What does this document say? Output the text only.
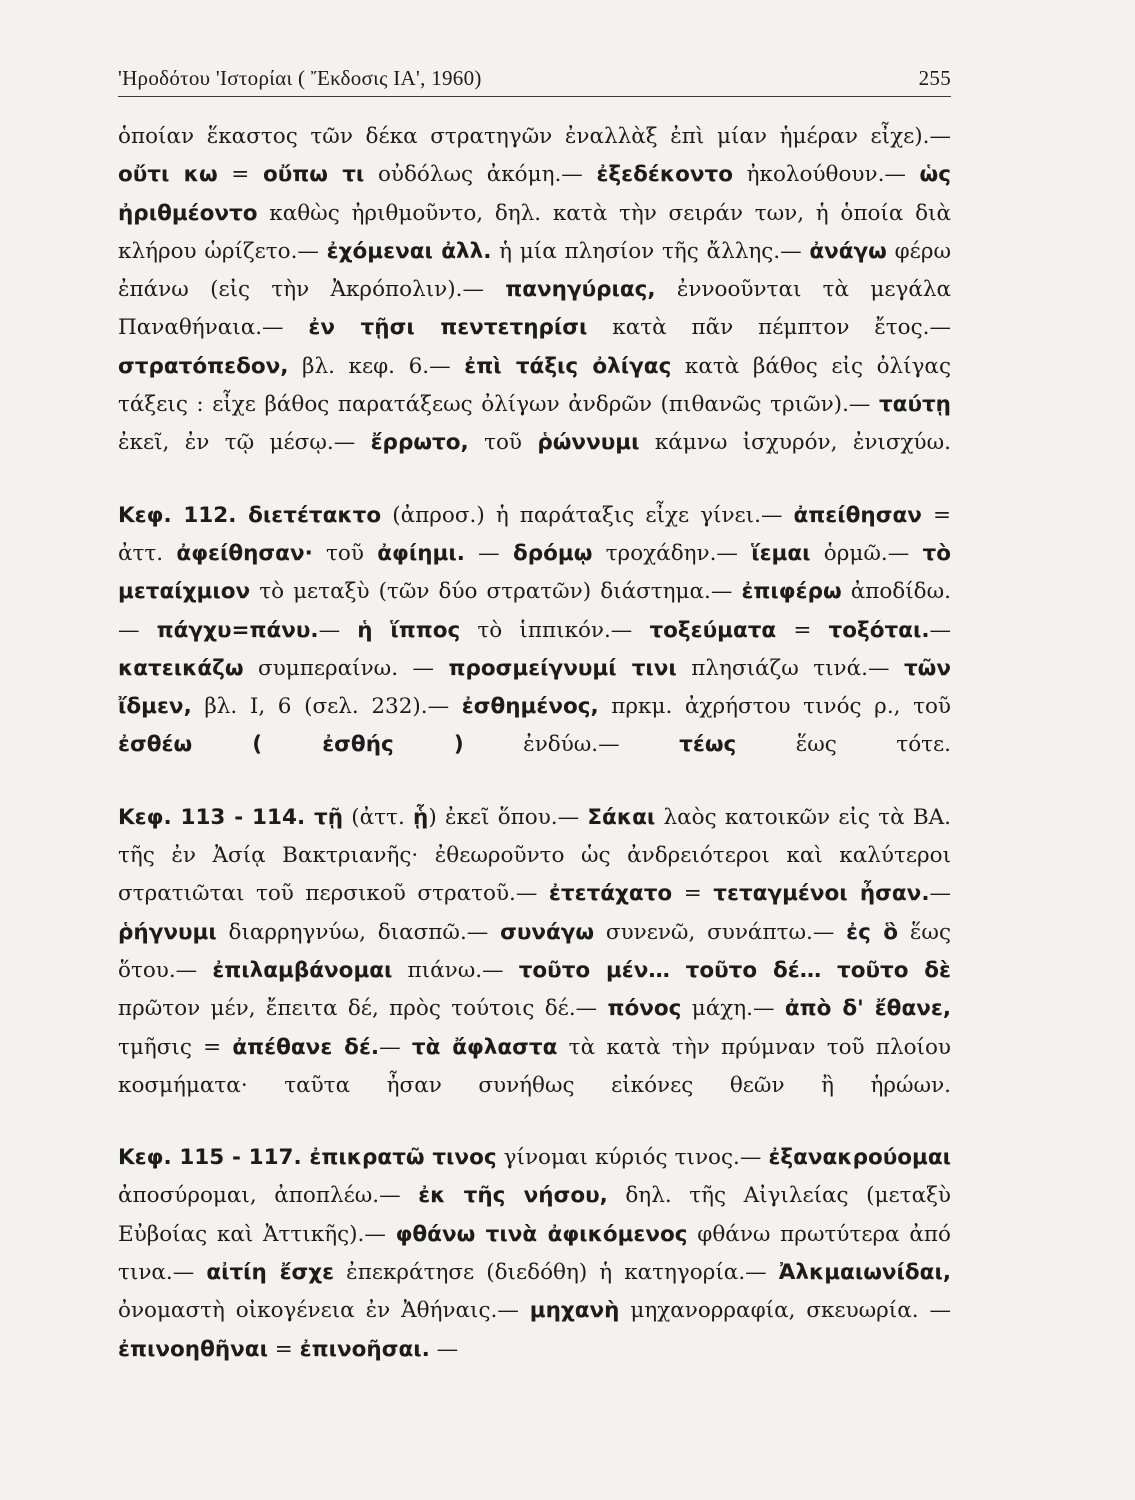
'Ηροδότου 'Ιστορίαι ( Ἔκδοσις ΙΑ', 1960)	255

ὁποίαν ἕκαστος τῶν δέκα στρατηγῶν ἐναλλὰξ ἐπὶ μίαν ἡμέραν εἶχε).— οὔτι κω = οὔπω τι οὐδόλως ἀκόμη.— ἐξεδέκοντο ἠκολούθουν.— ὡς ἠριθμέοντο καθὼς ἠριθμοῦντο, δηλ. κατὰ τὴν σειράν των, ἡ ὁποία διὰ κλήρου ὡρίζετο.— ἐχόμεναι ἀλλ. ἡ μία πλησίον τῆς ἄλλης.— ἀνάγω φέρω ἐπάνω (εἰς τὴν Ἀκρόπολιν).— πανηγύριας, ἐννοοῦνται τὰ μεγάλα Παναθήναια.— ἐν τῇσι πεντετηρίσι κατὰ πᾶν πέμπτον ἔτος.— στρατόπεδον, βλ. κεφ. 6.— ἐπὶ τάξις ὀλίγας κατὰ βάθος εἰς ὀλίγας τάξεις : εἶχε βάθος παρατάξεως ὀλίγων ἀνδρῶν (πιθανῶς τριῶν).— ταύτῃ ἐκεῖ, ἐν τῷ μέσῳ.— ἔρρωτο, τοῦ ῥώννυμι κάμνω ἰσχυρόν, ἐνισχύω.

Κεφ. 112. διετέτακτο (ἀπροσ.) ἡ παράταξις εἶχε γίνει.— ἀπείθησαν = ἀττ. ἀφείθησαν· τοῦ ἀφίημι. — δρόμῳ τροχάδην.— ἵεμαι ὁρμῶ.— τὸ μεταίχμιον τὸ μεταξὺ (τῶν δύο στρατῶν) διάστημα.— ἐπιφέρω ἀποδίδω.— πάγχυ=πάνυ.— ἡ ἵππος τὸ ἱππικόν.— τοξεύματα = τοξόται.— κατεικάζω συμπεραίνω. — προσμείγνυμί τινι πλησιάζω τινά.— τῶν ἴδμεν, βλ. Ι, 6 (σελ. 232).— ἐσθημένος, πρκμ. ἀχρήστου τινός ρ., τοῦ ἐσθέω ( ἐσθής ) ἐνδύω.— τέως ἕως τότε.

Κεφ. 113 - 114. τῇ (ἀττ. ᾗ) ἐκεῖ ὅπου.— Σάκαι λαὸς κατοικῶν εἰς τὰ ΒΑ. τῆς ἐν Ἀσίᾳ Βακτριανῆς· ἐθεωροῦντο ὡς ἀνδρειότεροι καὶ καλύτεροι στρατιῶται τοῦ περσικοῦ στρατοῦ.— ἐτετάχατο = τεταγμένοι ἦσαν.— ῥήγνυμι διαρρηγνύω, διασπῶ.— συνάγω συνενῶ, συνάπτω.— ἐς ὃ ἕως ὅτου.— ἐπιλαμβάνομαι πιάνω.— τοῦτο μέν… τοῦτο δέ… τοῦτο δὲ πρῶτον μέν, ἔπειτα δέ, πρὸς τούτοις δέ.— πόνος μάχη.— ἀπὸ δ' ἔθανε, τμῆσις = ἀπέθανε δέ.— τὰ ἄφλαστα τὰ κατὰ τὴν πρύμναν τοῦ πλοίου κοσμήματα· ταῦτα ἦσαν συνήθως εἰκόνες θεῶν ἢ ἡρώων.

Κεφ. 115 - 117. ἐπικρατῶ τινος γίνομαι κύριός τινος.— ἐξανακρούομαι ἀποσύρομαι, ἀποπλέω.— ἐκ τῆς νήσου, δηλ. τῆς Αἰγιλείας (μεταξὺ Εὐβοίας καὶ Ἀττικῆς).— φθάνω τινὰ ἀφικόμενος φθάνω πρωτύτερα ἀπό τινα.— αἰτίη ἔσχε ἐπεκράτησε (διεδόθη) ἡ κατηγορία.— Ἀλκμαιωνίδαι, ὀνομαστὴ οἰκογένεια ἐν Ἀθήναις.— μηχανὴ μηχανορραφία, σκευωρία. — ἐπινοηθῆναι = ἐπινοῆσαι. —
